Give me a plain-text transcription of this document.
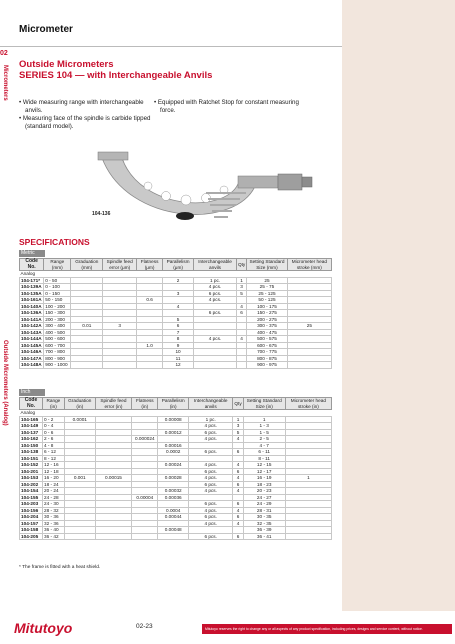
Micrometer
02
Micrometers
Outside Micrometers (Analog)
Outside Micrometers
SERIES 104 — with Interchangeable Anvils
• Wide measuring range with interchangeable anvils.
• Measuring face of the spindle is carbide tipped (standard model).
• Equipped with Ratchet Stop for constant measuring force.
104-136
SPECIFICATIONS
Metric
Code No.	Range (mm)	Graduation (mm)	Spindle feed error (μm)	Flatness (μm)	Parallelism (μm)	Interchangeable anvils	Qty	Setting Standard Size (mm)	Micrometer head stroke (mm)
Analog									
104-171*	0 - 50				2	1 pc.	1	25	
104-139A	0 - 100					4 pcs.	3	25 - 75	
104-135A	0 - 150				3	6 pcs.	5	25 - 125	
104-161A	50 - 150			0.6		4 pcs.		50 - 125	
104-140A	100 - 200				4		4	100 - 175	
104-136A	150 - 300					6 pcs.	6	150 - 275	
104-141A	200 - 300				5			200 - 275	
104-142A	300 - 400	0.01	3		6			300 - 375	25
104-143A	400 - 500				7			400 - 475	
104-144A	500 - 600				8	4 pcs.	4	500 - 575	
104-145A	600 - 700			1.0	9			600 - 675	
104-146A	700 - 800				10			700 - 775	
104-147A	800 - 900				11			800 - 875	
104-148A	900 - 1000				12			900 - 975	
Inch
Code No.	Range (in)	Graduation (in)	Spindle feed error (in)	Flatness (in)	Parallelism (in)	Interchangeable anvils	Qty	Setting Standard Size (in)	Micrometer head stroke (in)
Analog									
104-165	0 - 2	0.0001			0.00008	1 pc.	1	1	
104-149	0 - 4					4 pcs.	3	1 - 3	
104-137	0 - 6				0.00012	6 pcs.	5	1 - 5	
104-162	2 - 6			0.000024		4 pcs.	4	2 - 5	
104-150	4 - 8				0.00016			4 - 7	
104-138	6 - 12				0.0002	6 pcs.	6	6 - 11	
104-151	8 - 12							8 - 11	
104-152	12 - 16				0.00024	4 pcs.	4	12 - 15	
104-201	12 - 18					6 pcs.	6	12 - 17	
104-153	16 - 20	0.001	0.00015		0.00028	4 pcs.	4	16 - 19	1
104-202	18 - 24					6 pcs.	6	18 - 23	
104-154	20 - 24				0.00032	4 pcs.	4	20 - 23	
104-155	24 - 28			0.00004	0.00036			24 - 27	
104-203	24 - 30					6 pcs.	6	24 - 29	
104-156	28 - 32				0.0004	4 pcs.	4	28 - 31	
104-204	30 - 36				0.00044	6 pcs.	6	30 - 35	
104-157	32 - 36					4 pcs.	4	32 - 35	
104-158	36 - 40				0.00048			36 - 39	
104-205	36 - 42					6 pcs.	6	36 - 41	
* The frame is fitted with a heat shield.
Mitutoyo	02-23	Mitutoyo reserves the right to change any or all aspects of any product specification, including prices, designs and service content, without notice.
